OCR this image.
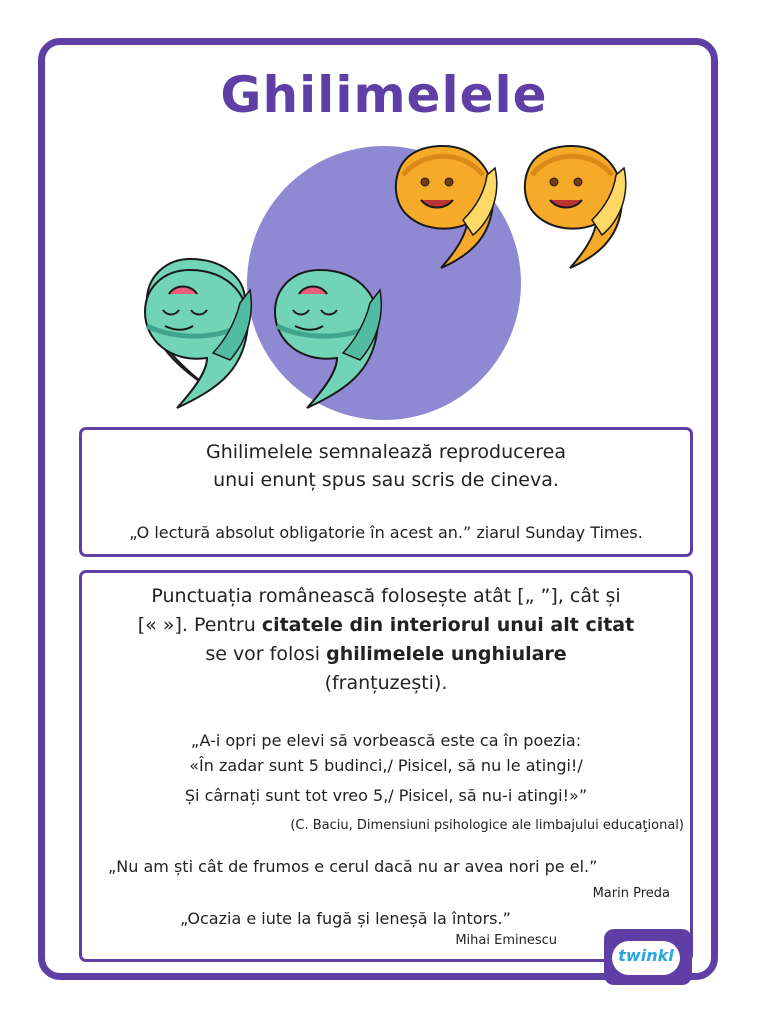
Ghilimelele
Ghilimelele semnalează reproducerea
unui enunț spus sau scris de cineva.
„O lectură absolut obligatorie în acest an.” ziarul Sunday Times.
Punctuația românească folosește atât [„ ”], cât și
[« »]. Pentru citatele din interiorul unui alt citat
se vor folosi ghilimelele unghiulare
(franțuzești).
„A-i opri pe elevi să vorbească este ca în poezia:
«În zadar sunt 5 budinci,/ Pisicel, să nu le atingi!/
Și cârnați sunt tot vreo 5,/ Pisicel, să nu-i atingi!»”
(C. Baciu, Dimensiuni psihologice ale limbajului educaţional)
„Nu am ști cât de frumos e cerul dacă nu ar avea nori pe el.”
Marin Preda
„Ocazia e iute la fugă și leneșă la întors.”
Mihai Eminescu
twinkl
